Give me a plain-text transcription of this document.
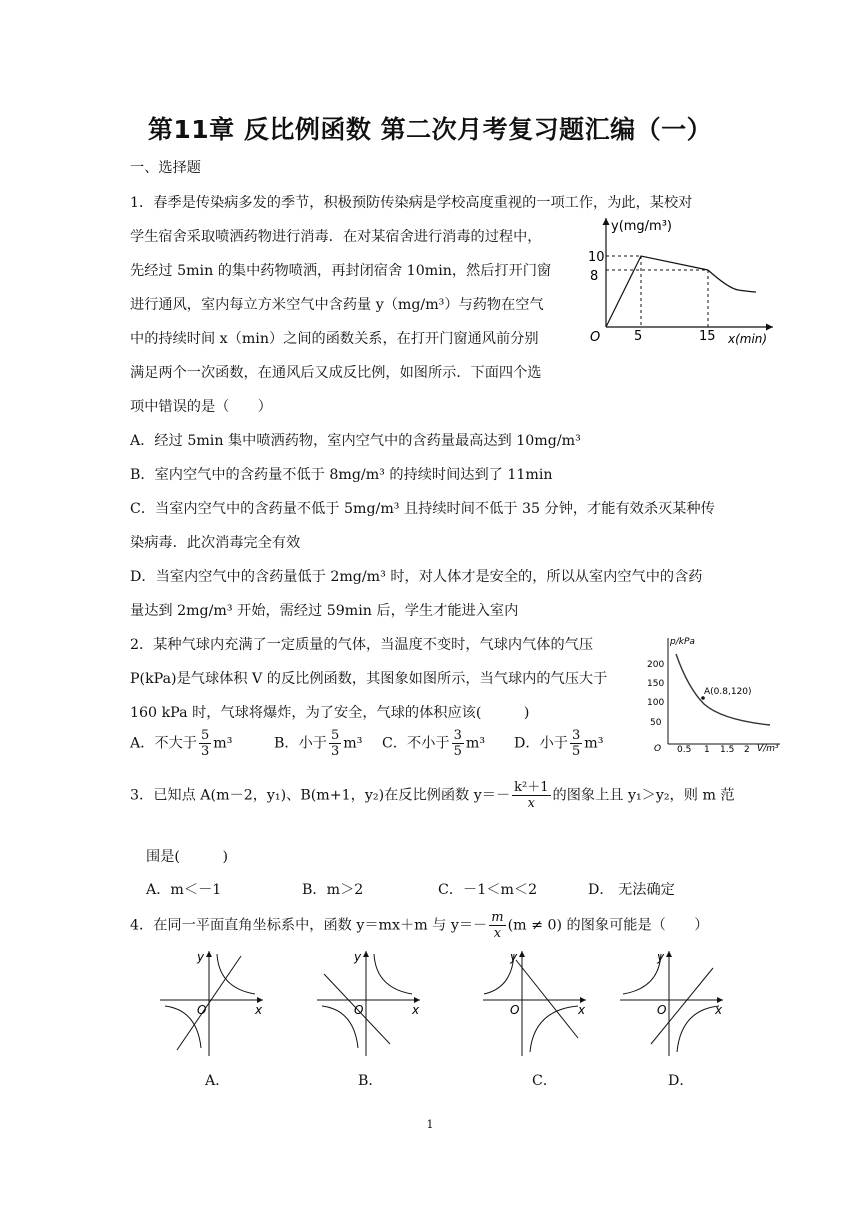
第11章 反比例函数 第二次月考复习题汇编（一）
一、选择题
1．春季是传染病多发的季节，积极预防传染病是学校高度重视的一项工作，为此，某校对
学生宿舍采取喷洒药物进行消毒．在对某宿舍进行消毒的过程中，
先经过 5min 的集中药物喷洒，再封闭宿舍 10min，然后打开门窗
进行通风，室内每立方米空气中含药量 y（mg/m³）与药物在空气
中的持续时间 x（min）之间的函数关系，在打开门窗通风前分别
满足两个一次函数，在通风后又成反比例，如图所示．下面四个选
项中错误的是（　　）
A．经过 5min 集中喷洒药物，室内空气中的含药量最高达到 10mg/m³
B．室内空气中的含药量不低于 8mg/m³ 的持续时间达到了 11min
C．当室内空气中的含药量不低于 5mg/m³ 且持续时间不低于 35 分钟，才能有效杀灭某种传
染病毒．此次消毒完全有效
D．当室内空气中的含药量低于 2mg/m³ 时，对人体才是安全的，所以从室内空气中的含药
量达到 2mg/m³ 开始，需经过 59min 后，学生才能进入室内
y(mg/m³)
x(min)
O
10
8
5	15
2．某种气球内充满了一定质量的气体，当温度不变时，气球内气体的气压
P(kPa)是气球体积 V 的反比例函数，其图象如图所示，当气球内的气压大于
160 kPa 时，气球将爆炸，为了安全，气球的体积应该(　　　)
A．不大于 $\frac{5}{3} m^3$	B．小于 $\frac{5}{3} m^3$ C．不小于 $\frac{3}{5} m^3$ D．小于 $\frac{3}{5} m^3$
p/kPa
V/m³
200
150
100
50
O 0.5 1 1.5 2
A(0.8,120)
3．已知点 A(m－2，y₁)、B(m+1，y₂)在反比例函数 $y=- \frac{\text{k²＋1}}{x}$ 的图象上且 y₁＞y₂，则 m 范
围是(　　　)
A．m＜－1	B．m＞2	C．－1＜m＜2	D． 无法确定
4．在同一平面直角坐标系中，函数 y＝mx＋m 与 $y=- \frac{m}{x} (m \ne 0)$ 的图象可能是（　　）
x
y
O	x
y
O	x
y
O	x
y
O
A．	B．	C．	D．
1
